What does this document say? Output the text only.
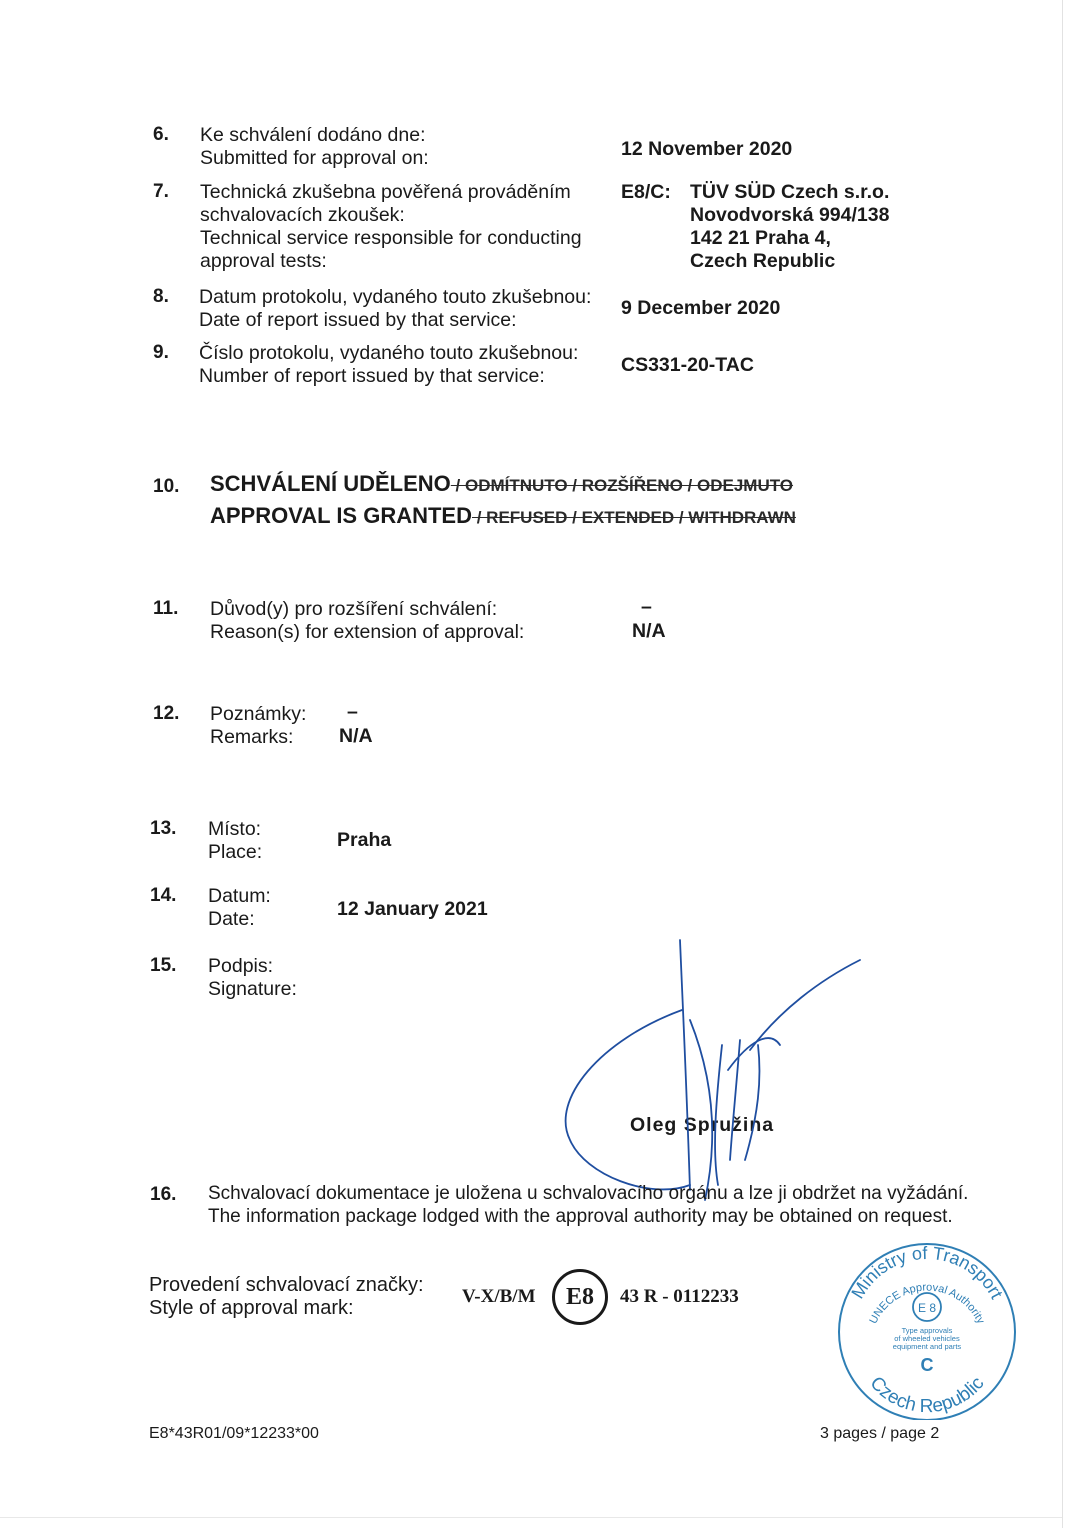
6. Ke schválení dodáno dne:
Submitted for approval on:	12 November 2020
7. Technická zkušebna pověřená prováděním
schvalovacích zkoušek:
Technical service responsible for conducting
approval tests:
E8/C: TÜV SÜD Czech s.r.o.
Novodvorská 994/138
142 21 Praha 4,
Czech Republic
8. Datum protokolu, vydaného touto zkušebnou:
Date of report issued by that service:
9 December 2020
9. Číslo protokolu, vydaného touto zkušebnou:
Number of report issued by that service:	CS331-20-TAC
10. SCHVÁLENÍ UDĚLENO / ODMÍTNUTO / ROZŠÍŘENO / ODEJMUTO
APPROVAL IS GRANTED / REFUSED / EXTENDED / WITHDRAWN
11. Důvod(y) pro rozšíření schválení:
Reason(s) for extension of approval:
–
N/A
12. Poznámky:
Remarks:
–
N/A
13. Místo:
Place:
Praha
14. Datum:
Date:	12 January 2021
15. Podpis:
Signature:
Oleg Spružina
16. Schvalovací dokumentace je uložena u schvalovacího orgánu a lze ji obdržet na vyžádání.
The information package lodged with the approval authority may be obtained on request.
Provedení schvalovací značky:
Style of approval mark:
V-X/B/M E8 43 R - 0112233	Ministry of Transport
UNECE Approval Authority
Czech Republic
E 8
Type approvals
of wheeled vehicles
equipment and parts
C
E8*43R01/09*12233*00	3 pages / page 2
